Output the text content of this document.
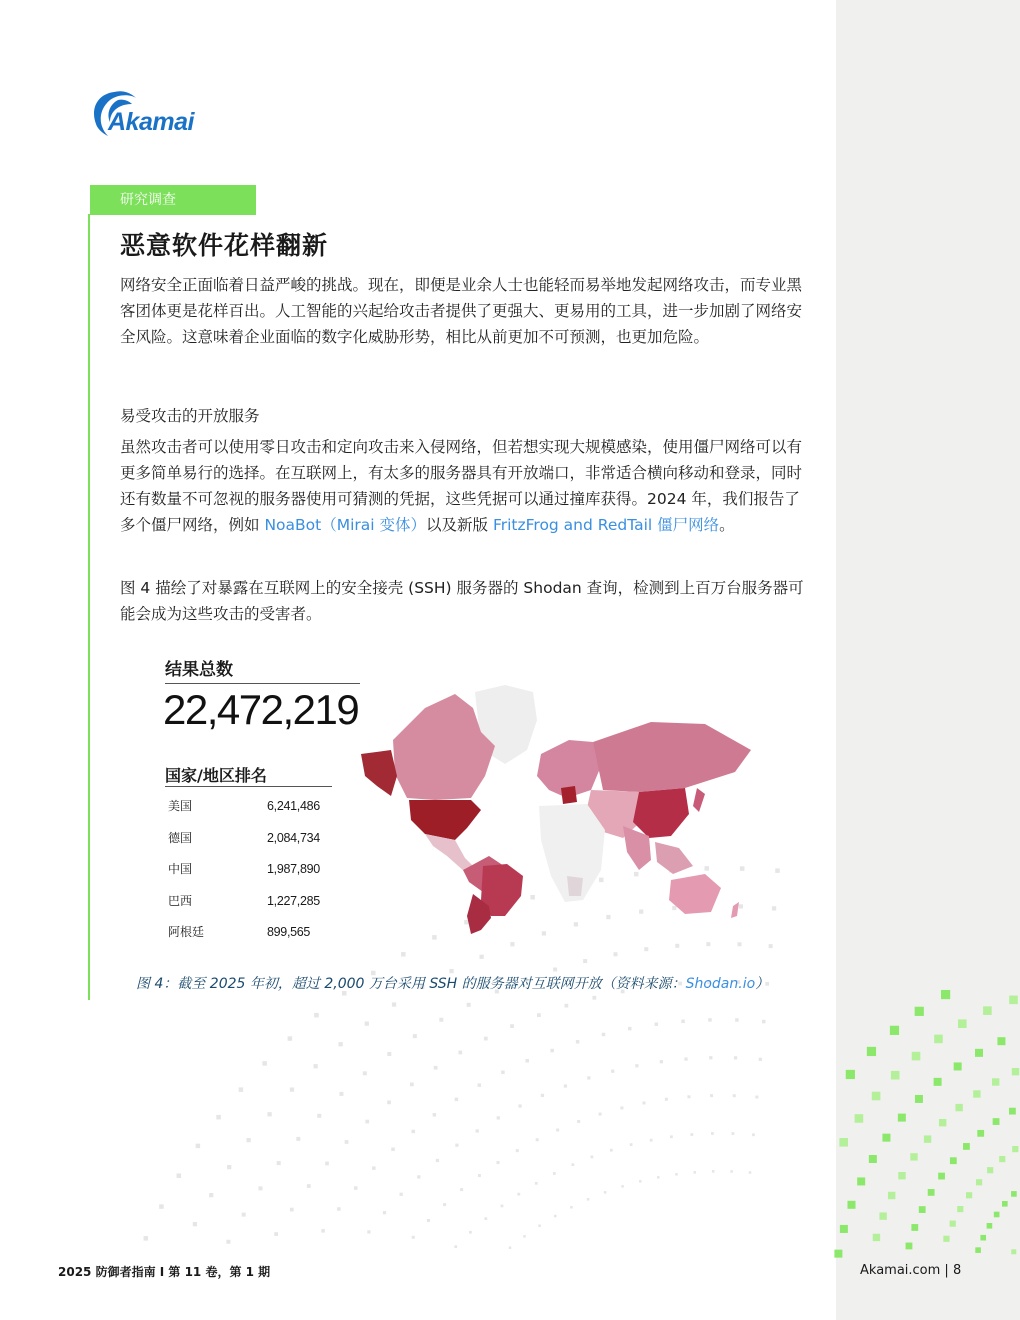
Akamai
研究调查
恶意软件花样翻新

网络安全正面临着日益严峻的挑战。现在，即便是业余人士也能轻而易举地发起网络攻击，而专业黑客团体更是花样百出。人工智能的兴起给攻击者提供了更强大、更易用的工具，进一步加剧了网络安全风险。这意味着企业面临的数字化威胁形势，相比从前更加不可预测，也更加危险。

易受攻击的开放服务

虽然攻击者可以使用零日攻击和定向攻击来入侵网络，但若想实现大规模感染，使用僵尸网络可以有更多简单易行的选择。在互联网上，有太多的服务器具有开放端口，非常适合横向移动和登录，同时还有数量不可忽视的服务器使用可猜测的凭据，这些凭据可以通过撞库获得。2024 年，我们报告了多个僵尸网络，例如 NoaBot（Mirai 变体）以及新版 FritzFrog and RedTail 僵尸网络。

图 4 描绘了对暴露在互联网上的安全接壳 (SSH) 服务器的 Shodan 查询，检测到上百万台服务器可能会成为这些攻击的受害者。

结果总数
22,472,219
国家/地区排名
美国	6,241,486
德国	2,084,734
中国	1,987,890
巴西	1,227,285
阿根廷	899,565
图 4：截至 2025 年初，超过 2,000 万台采用 SSH 的服务器对互联网开放（资料来源：Shodan.io）
2025 防御者指南 I 第 11 卷，第 1 期	Akamai.com | 8
